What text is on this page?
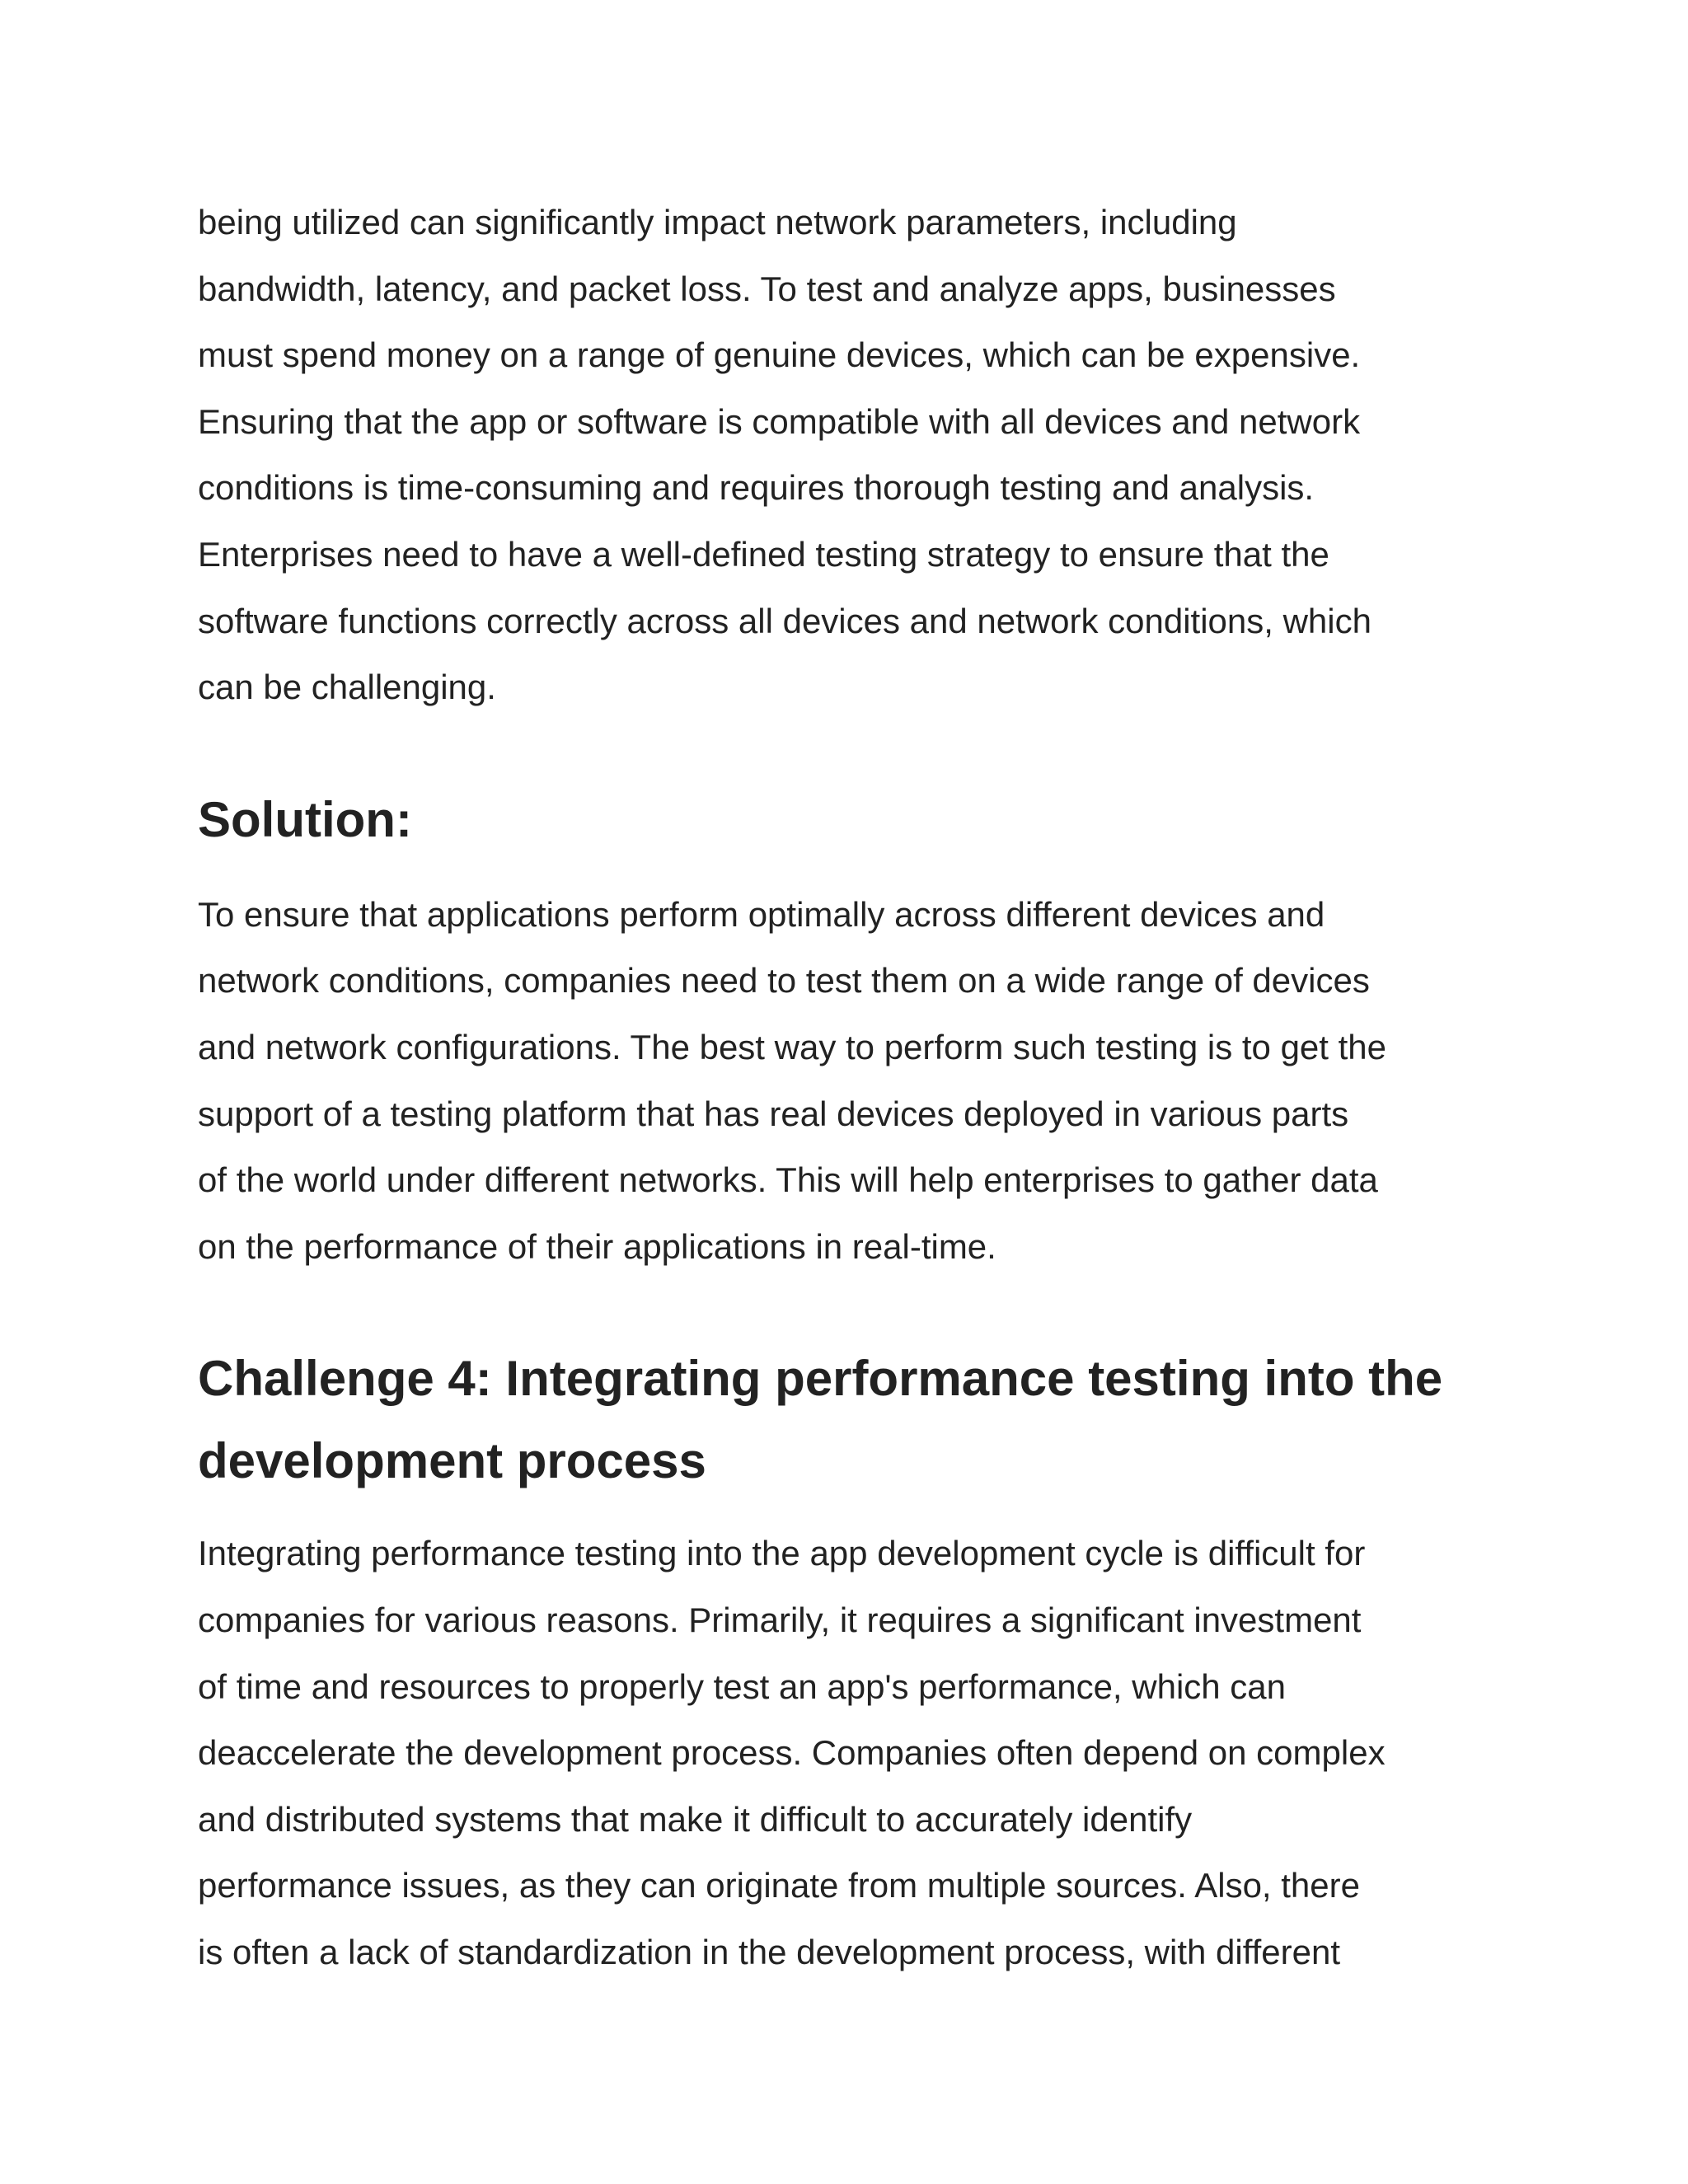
being utilized can significantly impact network parameters, including
bandwidth, latency, and packet loss. To test and analyze apps, businesses
must spend money on a range of genuine devices, which can be expensive.
Ensuring that the app or software is compatible with all devices and network
conditions is time-consuming and requires thorough testing and analysis.
Enterprises need to have a well-defined testing strategy to ensure that the
software functions correctly across all devices and network conditions, which
can be challenging.

Solution:

To ensure that applications perform optimally across different devices and
network conditions, companies need to test them on a wide range of devices
and network configurations. The best way to perform such testing is to get the
support of a testing platform that has real devices deployed in various parts
of the world under different networks. This will help enterprises to gather data
on the performance of their applications in real-time.

Challenge 4: Integrating performance testing into the
development process

Integrating performance testing into the app development cycle is difficult for
companies for various reasons. Primarily, it requires a significant investment
of time and resources to properly test an app's performance, which can
deaccelerate the development process. Companies often depend on complex
and distributed systems that make it difficult to accurately identify
performance issues, as they can originate from multiple sources. Also, there
is often a lack of standardization in the development process, with different
